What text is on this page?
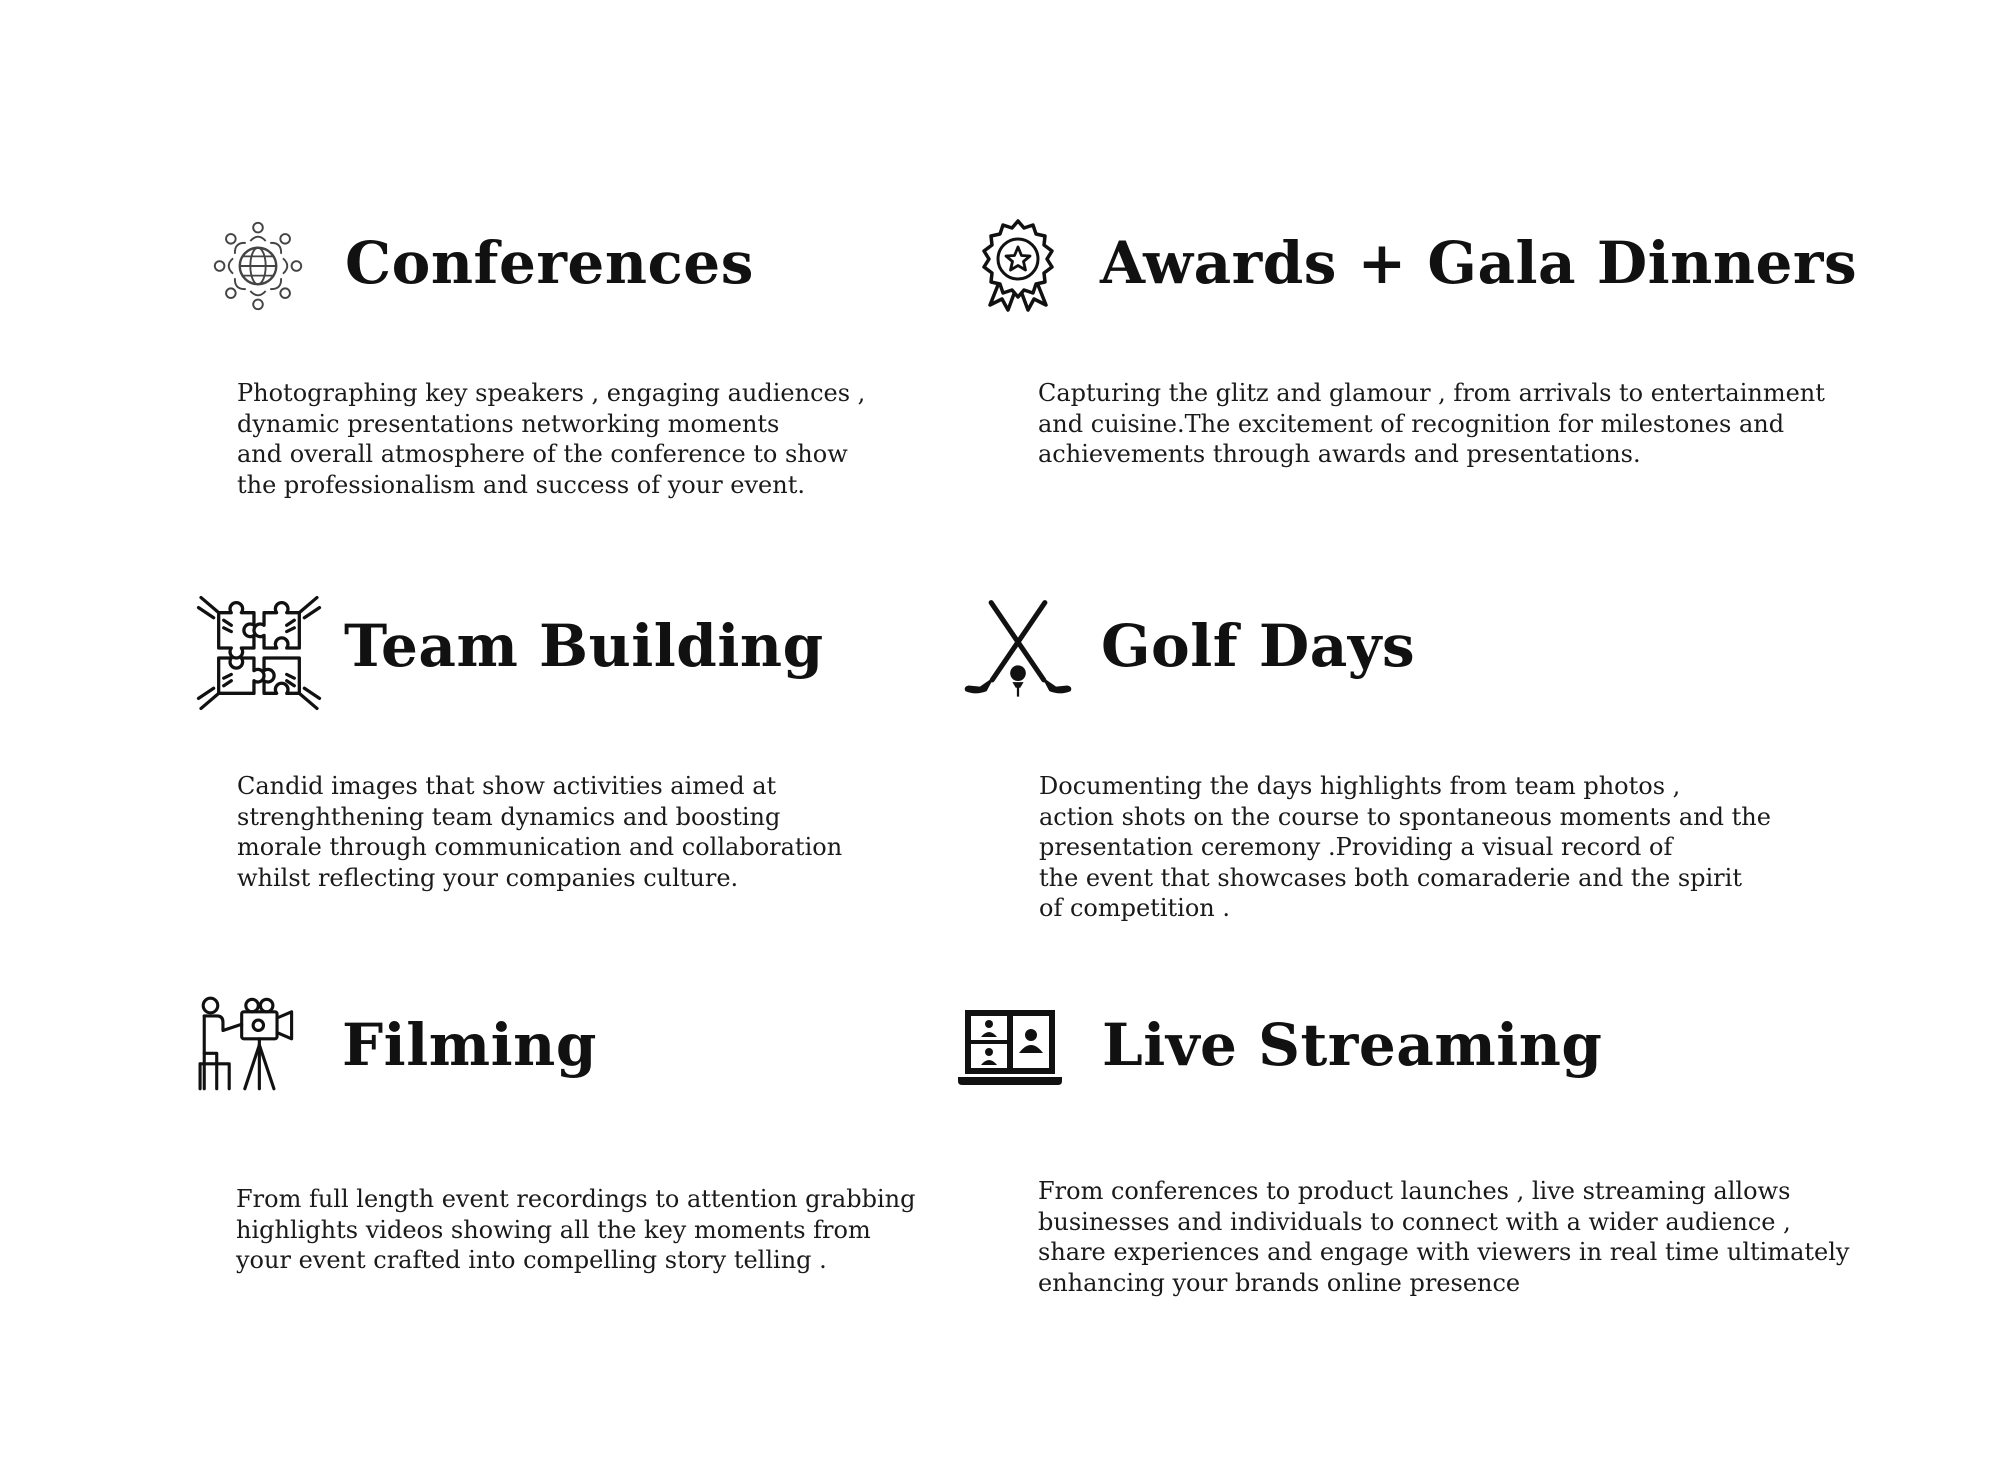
Conferences
Photographing key speakers , engaging audiences ,
dynamic presentations networking moments
and overall atmosphere of the conference to show
the professionalism and success of your event.
Awards + Gala Dinners
Capturing the glitz and glamour , from arrivals to entertainment
and cuisine.The excitement of recognition for milestones and
achievements through awards and presentations.
Team Building
Candid images that show activities aimed at
strenghthening team dynamics and boosting
morale through communication and collaboration
whilst reflecting your companies culture.
Golf Days
Documenting the days highlights from team photos ,
action shots on the course to spontaneous moments and the
presentation ceremony .Providing a visual record of
the event that showcases both comaraderie and the spirit
of competition .
Filming
From full length event recordings to attention grabbing
highlights videos showing all the key moments from
your event crafted into compelling story telling .
Live Streaming
From conferences to product launches , live streaming allows
businesses and individuals to connect with a wider audience ,
share experiences and engage with viewers in real time ultimately
enhancing your brands online presence
